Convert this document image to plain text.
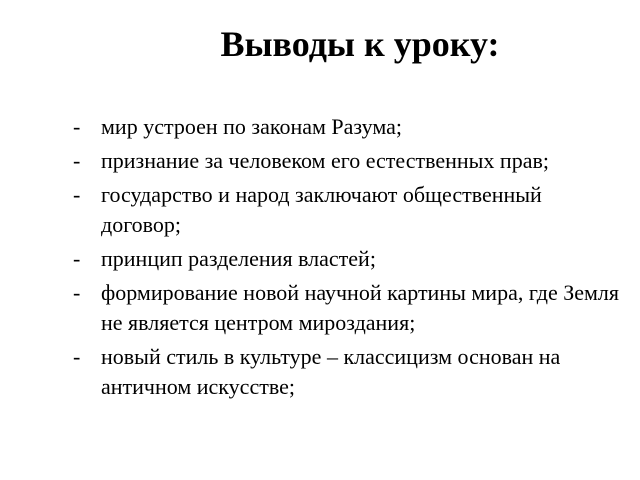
Выводы к уроку:
- мир устроен по законам Разума;
- признание за человеком его естественных прав;
- государство и народ заключают общественный договор;
- принцип разделения властей;
- формирование новой научной картины мира, где Земля не является центром мироздания;
- новый стиль в культуре – классицизм основан на античном искусстве;
